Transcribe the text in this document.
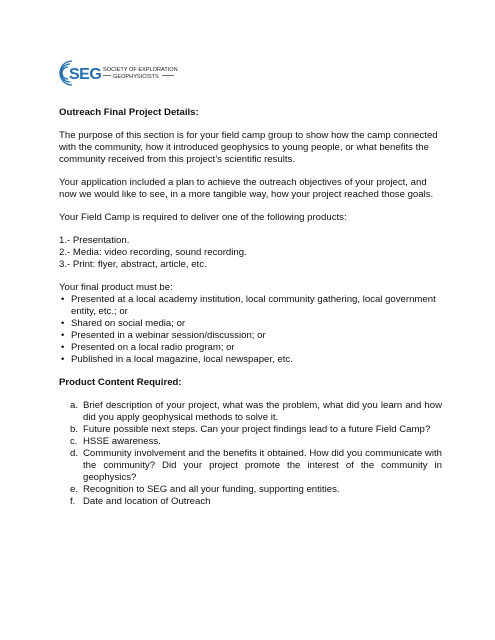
SEG SOCIETY OF EXPLORATION
GEOPHYSICISTS
Outreach Final Project Details:
The purpose of this section is for your field camp group to show how the camp connected with the community, how it introduced geophysics to young people, or what benefits the community received from this project’s scientific results.
Your application included a plan to achieve the outreach objectives of your project, and now we would like to see, in a more tangible way, how your project reached those goals.
Your Field Camp is required to deliver one of the following products:
1.- Presentation.
2.- Media: video recording, sound recording.
3.- Print: flyer, abstract, article, etc.
Your final product must be:
• Presented at a local academy institution, local community gathering, local government entity, etc.; or
• Shared on social media; or
• Presented in a webinar session/discussion; or
• Presented on a local radio program; or
• Published in a local magazine, local newspaper, etc.
Product Content Required:
a. Brief description of your project, what was the problem, what did you learn and how did you apply geophysical methods to solve it.
b. Future possible next steps. Can your project findings lead to a future Field Camp?
c. HSSE awareness.
d. Community involvement and the benefits it obtained. How did you communicate with the community? Did your project promote the interest of the community in geophysics?
e. Recognition to SEG and all your funding, supporting entities.
f. Date and location of Outreach
